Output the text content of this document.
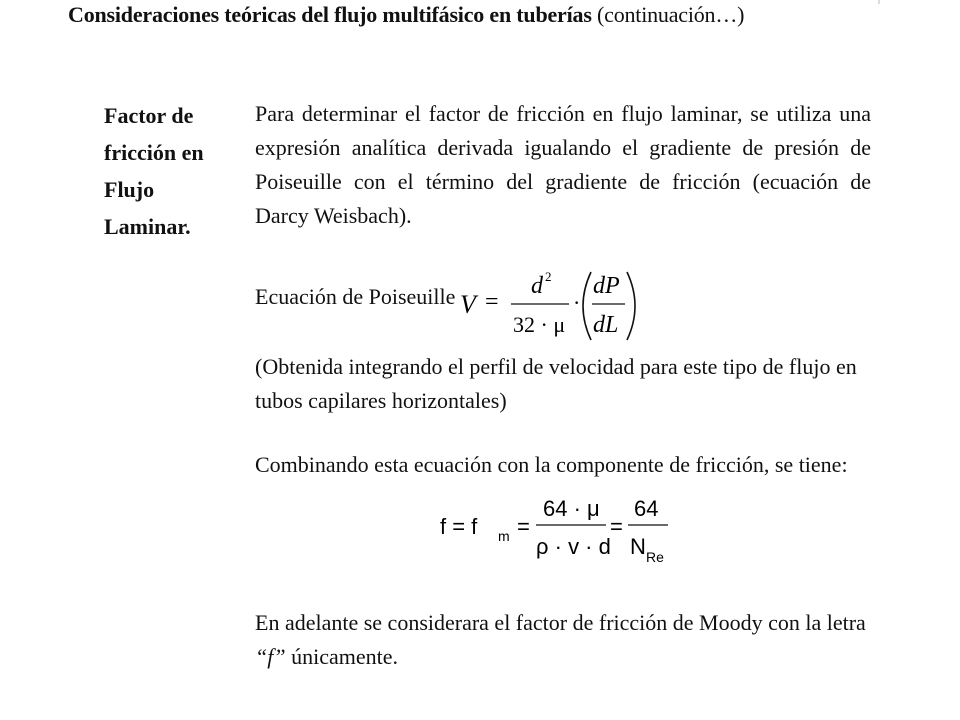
Consideraciones teóricas del flujo multifásico en tuberías (continuación…)
Factor de
fricción en
Flujo
Laminar.
Para determinar el factor de fricción en flujo laminar, se utiliza una
expresión analítica derivada igualando el gradiente de presión de
Poiseuille con el término del gradiente de fricción (ecuación de
Darcy Weisbach).
Ecuación de Poiseuille V =
d 2
32 · μ
·
dP
dL
(Obtenida integrando el perfil de velocidad para este tipo de flujo en tubos capilares horizontales)
Combinando esta ecuación con la componente de fricción, se tiene:
f = f m =
64 · μ
ρ · v · d
=
64
N Re
En adelante se considerara el factor de fricción de Moody con la letra
“f” únicamente.
